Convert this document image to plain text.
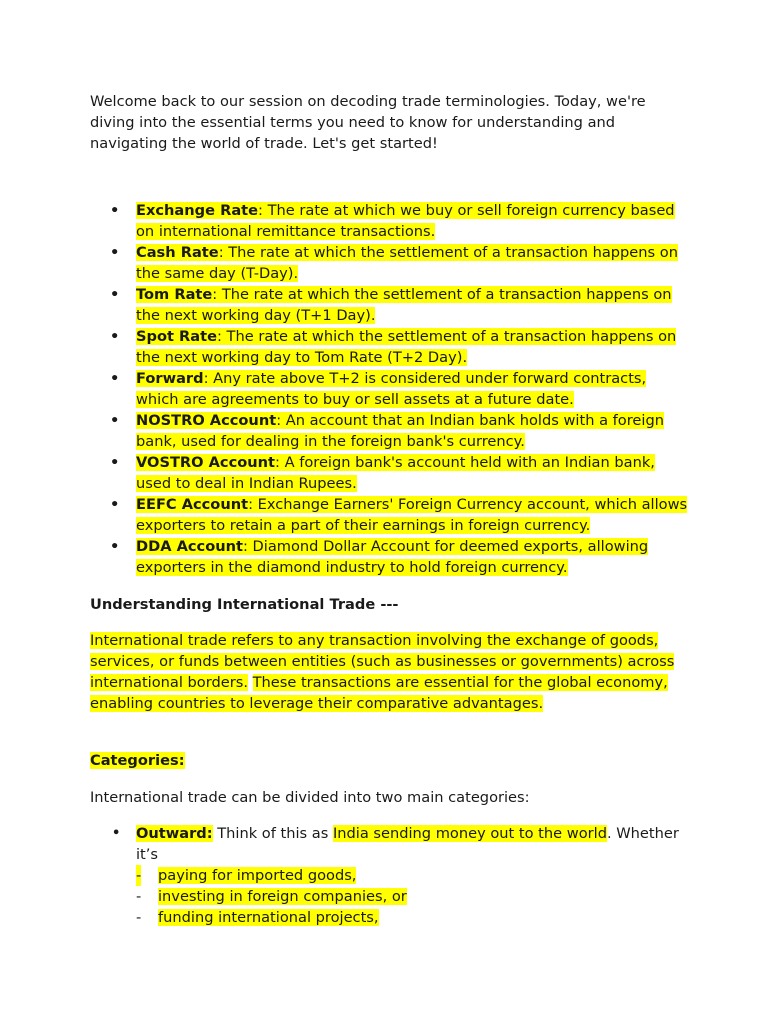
Welcome back to our session on decoding trade terminologies. Today, we're diving into the essential terms you need to know for understanding and navigating the world of trade. Let's get started!

• Exchange Rate: The rate at which we buy or sell foreign currency based on international remittance transactions.
• Cash Rate: The rate at which the settlement of a transaction happens on the same day (T-Day).
• Tom Rate: The rate at which the settlement of a transaction happens on the next working day (T+1 Day).
• Spot Rate: The rate at which the settlement of a transaction happens on the next working day to Tom Rate (T+2 Day).
• Forward: Any rate above T+2 is considered under forward contracts, which are agreements to buy or sell assets at a future date.
• NOSTRO Account: An account that an Indian bank holds with a foreign bank, used for dealing in the foreign bank's currency.
• VOSTRO Account: A foreign bank's account held with an Indian bank, used to deal in Indian Rupees.
• EEFC Account: Exchange Earners' Foreign Currency account, which allows exporters to retain a part of their earnings in foreign currency.
• DDA Account: Diamond Dollar Account for deemed exports, allowing exporters in the diamond industry to hold foreign currency.
Understanding International Trade ---

International trade refers to any transaction involving the exchange of goods, services, or funds between entities (such as businesses or governments) across international borders. These transactions are essential for the global economy, enabling countries to leverage their comparative advantages.

Categories:

International trade can be divided into two main categories:

• Outward: Think of this as India sending money out to the world. Whether it’s
- paying for imported goods,
- investing in foreign companies, or
- funding international projects,
